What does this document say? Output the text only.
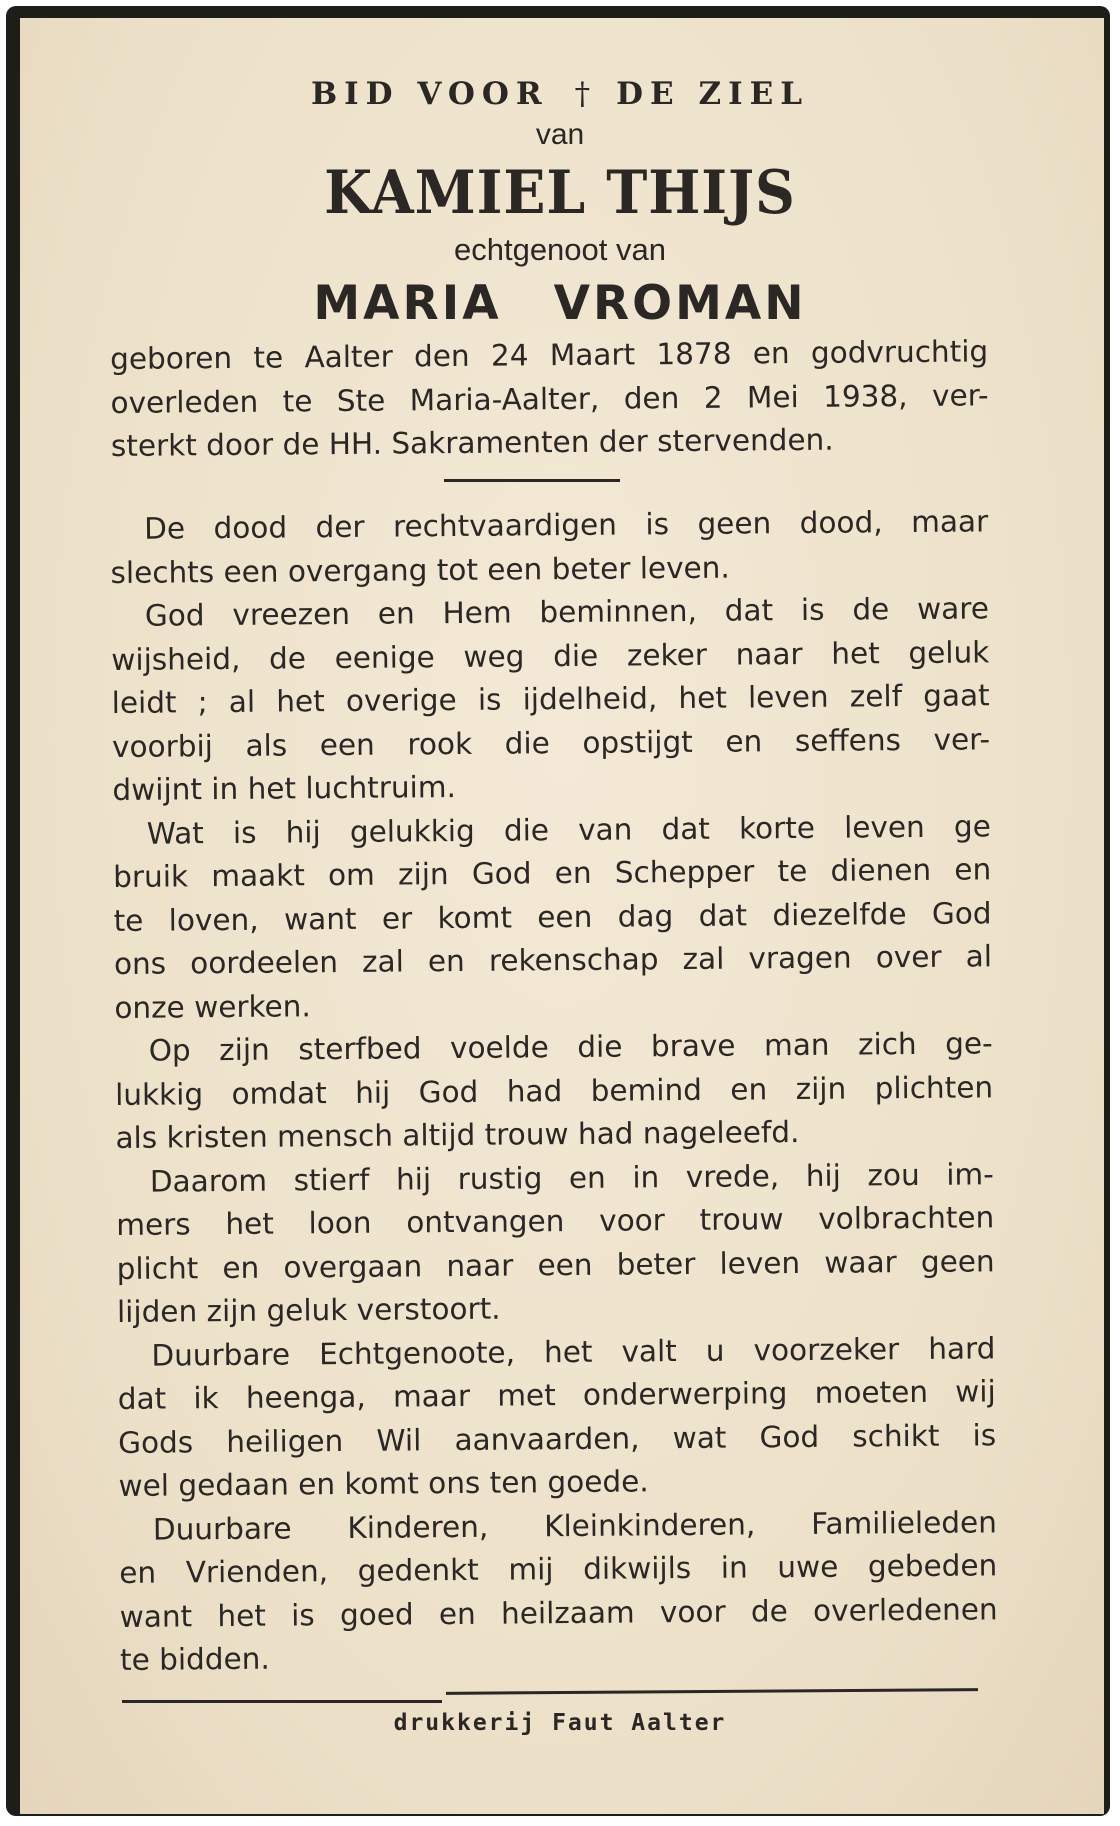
BID VOOR † DE ZIEL
van
KAMIEL THIJS
echtgenoot van
MARIA VROMAN
geboren te Aalter den 24 Maart 1878 en godvruchtig
overleden te Ste Maria-Aalter, den 2 Mei 1938, ver-
sterkt door de HH. Sakramenten der stervenden.
De dood der rechtvaardigen is geen dood, maar
slechts een overgang tot een beter leven.
God vreezen en Hem beminnen, dat is de ware
wijsheid, de eenige weg die zeker naar het geluk
leidt ; al het overige is ijdelheid, het leven zelf gaat
voorbij als een rook die opstijgt en seffens ver-
dwijnt in het luchtruim.
Wat is hij gelukkig die van dat korte leven ge
bruik maakt om zijn God en Schepper te dienen en
te loven, want er komt een dag dat diezelfde God
ons oordeelen zal en rekenschap zal vragen over al
onze werken.
Op zijn sterfbed voelde die brave man zich ge-
lukkig omdat hij God had bemind en zijn plichten
als kristen mensch altijd trouw had nageleefd.
Daarom stierf hij rustig en in vrede, hij zou im-
mers het loon ontvangen voor trouw volbrachten
plicht en overgaan naar een beter leven waar geen
lijden zijn geluk verstoort.
Duurbare Echtgenoote, het valt u voorzeker hard
dat ik heenga, maar met onderwerping moeten wij
Gods heiligen Wil aanvaarden, wat God schikt is
wel gedaan en komt ons ten goede.
Duurbare Kinderen, Kleinkinderen, Familieleden
en Vrienden, gedenkt mij dikwijls in uwe gebeden
want het is goed en heilzaam voor de overledenen
te bidden.
drukkerij Faut Aalter
